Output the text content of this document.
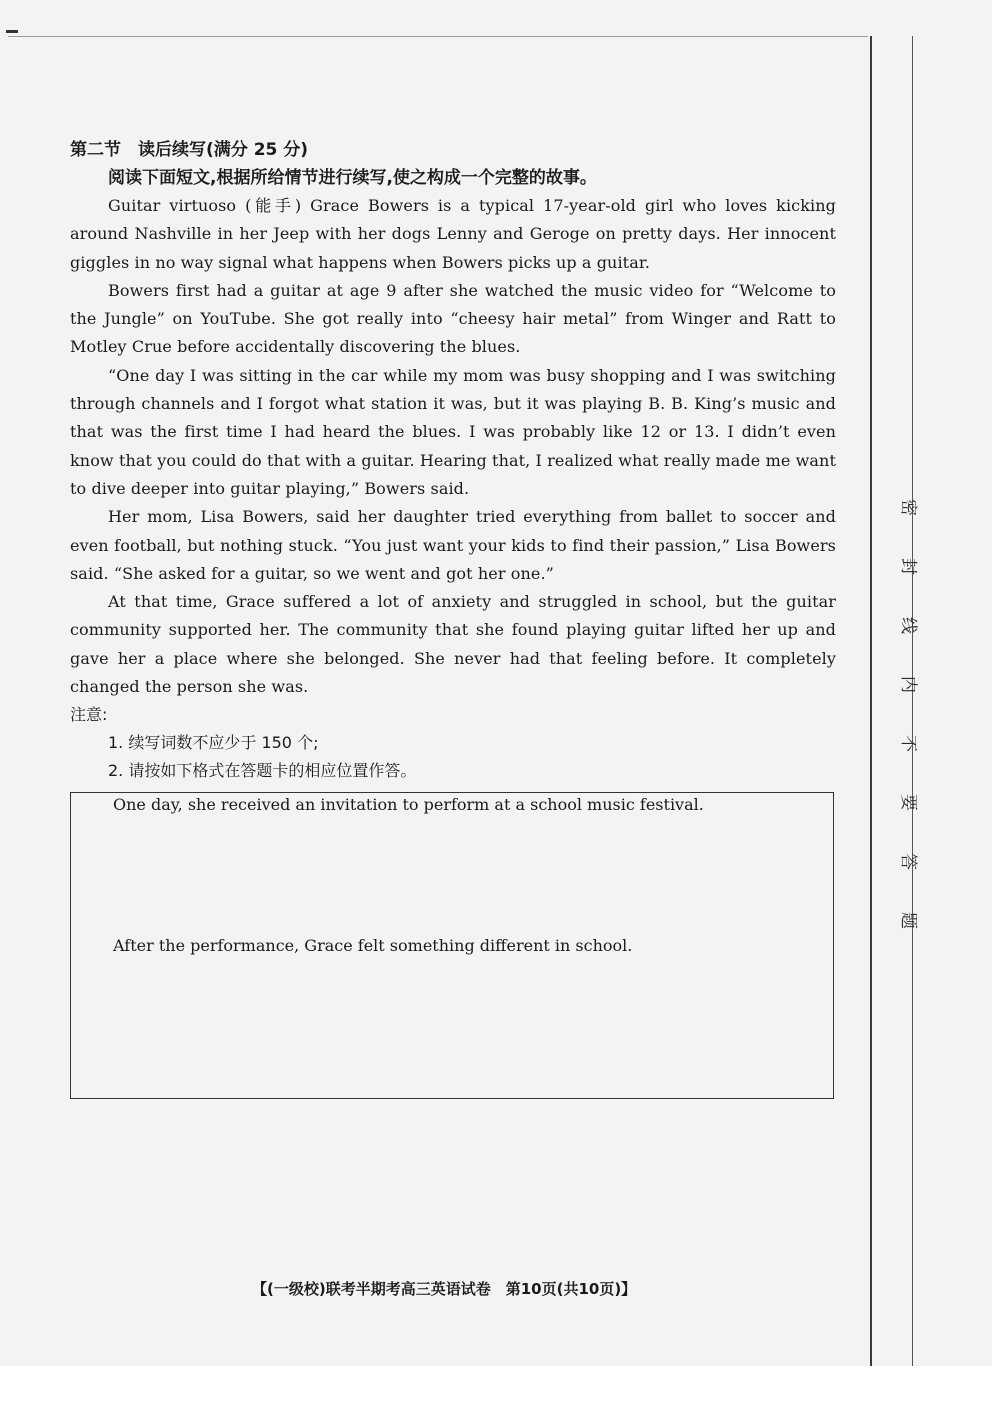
密
封
线
内
不
要
答
题

第二节　读后续写(满分 25 分)

阅读下面短文,根据所给情节进行续写,使之构成一个完整的故事。

Guitar virtuoso (能手) Grace Bowers is a typical 17-year-old girl who loves kicking around Nashville in her Jeep with her dogs Lenny and Geroge on pretty days. Her innocent giggles in no way signal what happens when Bowers picks up a guitar.

Bowers first had a guitar at age 9 after she watched the music video for “Welcome to the Jungle” on YouTube. She got really into “cheesy hair metal” from Winger and Ratt to Motley Crue before accidentally discovering the blues.

“One day I was sitting in the car while my mom was busy shopping and I was switching through channels and I forgot what station it was, but it was playing B. B. King’s music and that was the first time I had heard the blues. I was probably like 12 or 13. I didn’t even know that you could do that with a guitar. Hearing that, I realized what really made me want to dive deeper into guitar playing,” Bowers said.

Her mom, Lisa Bowers, said her daughter tried everything from ballet to soccer and even football, but nothing stuck. “You just want your kids to find their passion,” Lisa Bowers said. “She asked for a guitar, so we went and got her one.”

At that time, Grace suffered a lot of anxiety and struggled in school, but the guitar community supported her. The community that she found playing guitar lifted her up and gave her a place where she belonged. She never had that feeling before. It completely changed the person she was.

注意:

1. 续写词数不应少于 150 个;

2. 请按如下格式在答题卡的相应位置作答。

One day, she received an invitation to perform at a school music festival.
After the performance, Grace felt something different in school.
【(一级校)联考半期考高三英语试卷　第10页(共10页)】
